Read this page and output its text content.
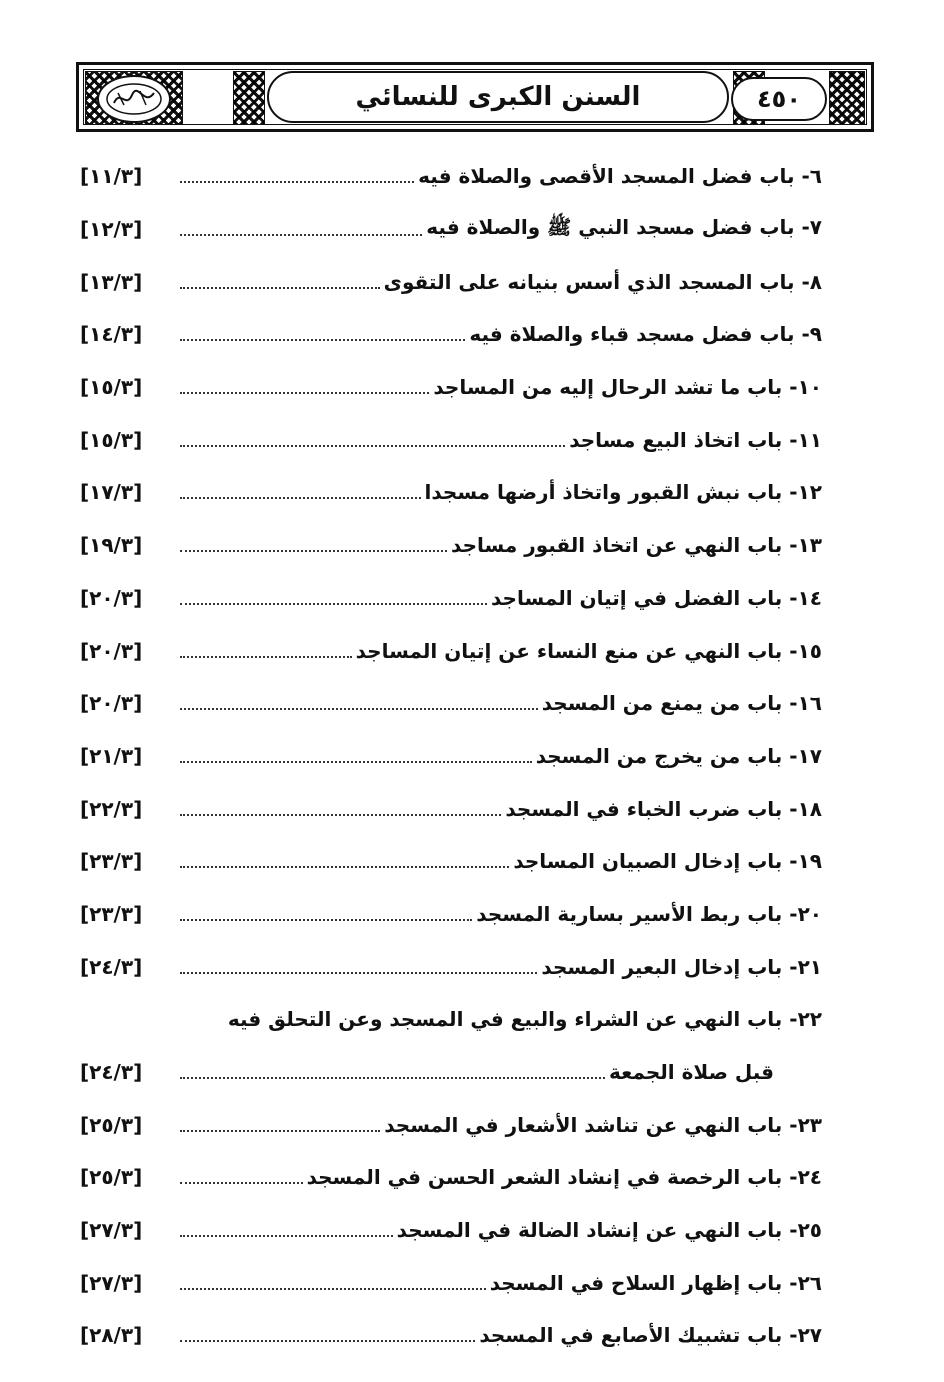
السنن الكبرى للنسائي	٤٥٠
٦- باب فضل المسجد الأقصى والصلاة فيه
[١١/٣]
٧- باب فضل مسجد النبي ﷺ والصلاة فيه
[١٢/٣]
٨- باب المسجد الذي أسس بنيانه على التقوى
[١٣/٣]
٩- باب فضل مسجد قباء والصلاة فيه
[١٤/٣]
١٠- باب ما تشد الرحال إليه من المساجد
[١٥/٣]
١١- باب اتخاذ البيع مساجد
[١٥/٣]
١٢- باب نبش القبور واتخاذ أرضها مسجدا
[١٧/٣]
١٣- باب النهي عن اتخاذ القبور مساجد
[١٩/٣]
١٤- باب الفضل في إتيان المساجد
[٢٠/٣]
١٥- باب النهي عن منع النساء عن إتيان المساجد
[٢٠/٣]
١٦- باب من يمنع من المسجد
[٢٠/٣]
١٧- باب من يخرج من المسجد
[٢١/٣]
١٨- باب ضرب الخباء في المسجد
[٢٢/٣]
١٩- باب إدخال الصبيان المساجد
[٢٣/٣]
٢٠- باب ربط الأسير بسارية المسجد
[٢٣/٣]
٢١- باب إدخال البعير المسجد
[٢٤/٣]
٢٢- باب النهي عن الشراء والبيع في المسجد وعن التحلق فيه
قبل صلاة الجمعة
[٢٤/٣]
٢٣- باب النهي عن تناشد الأشعار في المسجد
[٢٥/٣]
٢٤- باب الرخصة في إنشاد الشعر الحسن في المسجد
[٢٥/٣]
٢٥- باب النهي عن إنشاد الضالة في المسجد
[٢٧/٣]
٢٦- باب إظهار السلاح في المسجد
[٢٧/٣]
٢٧- باب تشبيك الأصابع في المسجد
[٢٨/٣]
